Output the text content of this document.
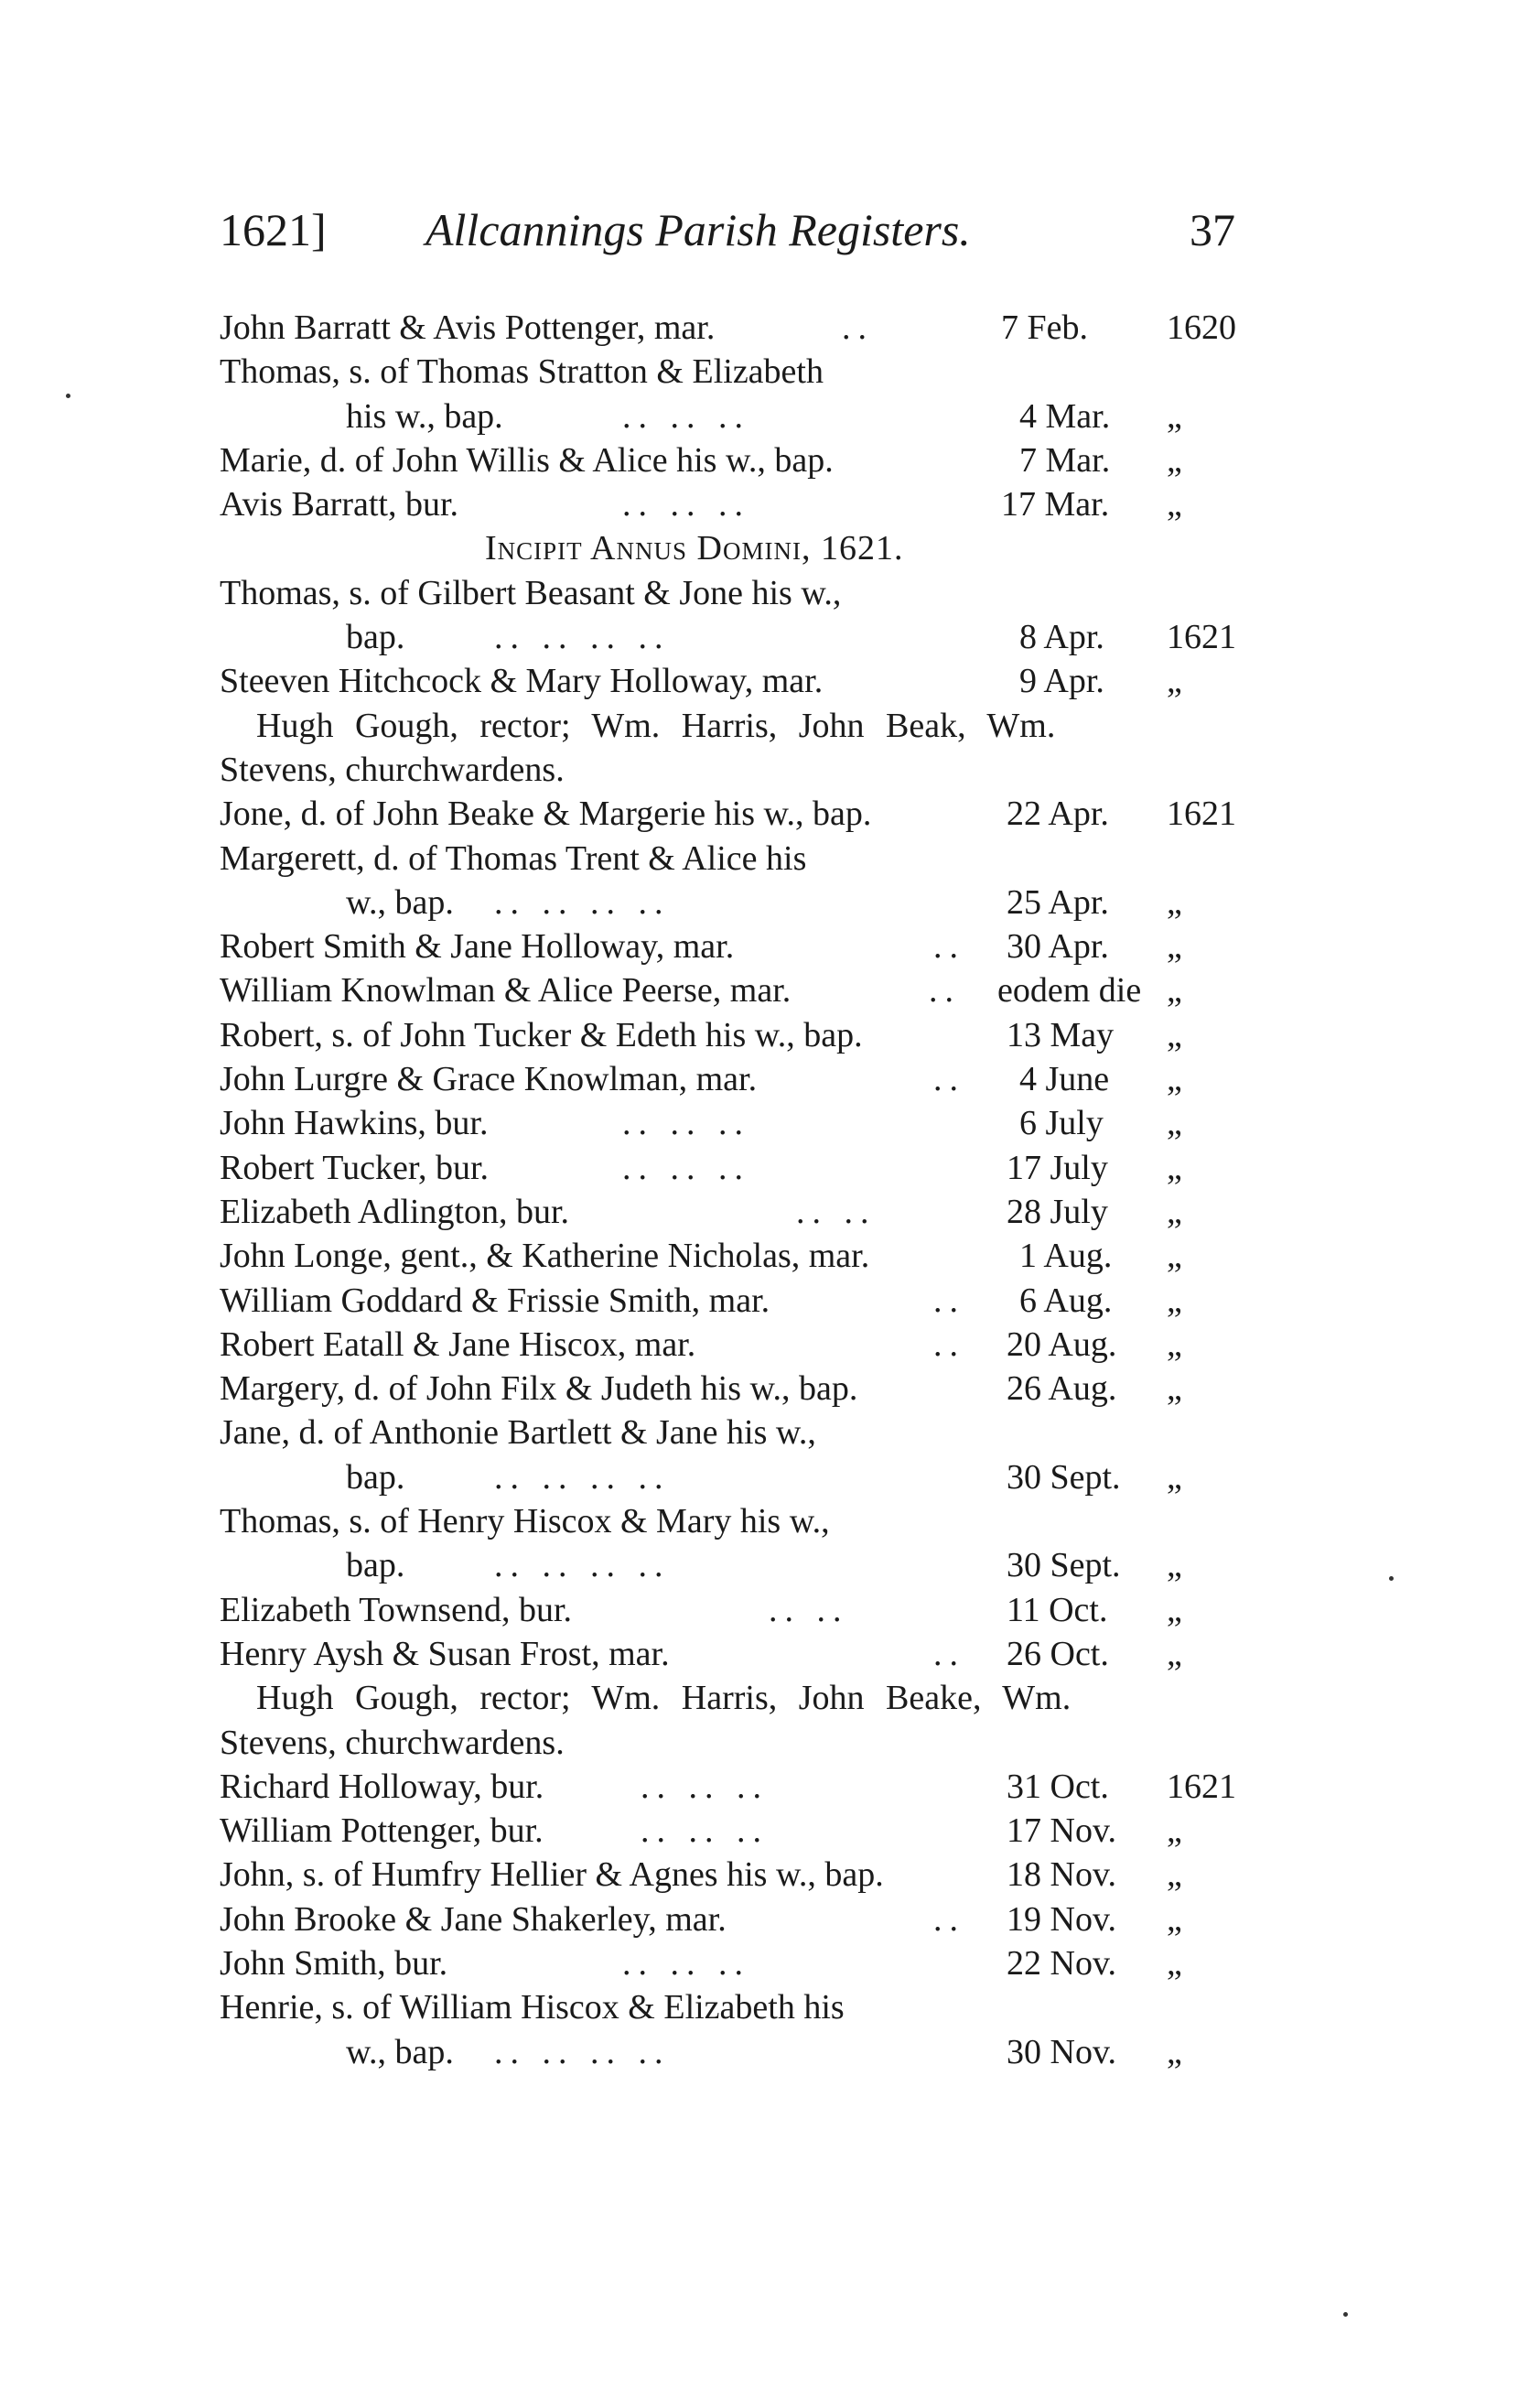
1621] Allcannings Parish Registers.	37
John Barratt & Avis Pottenger, mar.	..	7 Feb. 1620
Thomas, s. of Thomas Stratton & Elizabeth
his w., bap.	.. .. ..	4 Mar. „
Marie, d. of John Willis & Alice his w., bap.	7 Mar. „
Avis Barratt, bur.	.. .. ..	17 Mar. „
Incipit Annus Domini, 1621.
Thomas, s. of Gilbert Beasant & Jone his w.,
bap.	.. .. .. ..	8 Apr. 1621
Steeven Hitchcock & Mary Holloway, mar.	9 Apr. „
Hugh Gough, rector; Wm. Harris, John Beak, Wm.
Stevens, churchwardens.
Jone, d. of John Beake & Margerie his w., bap.	22 Apr. 1621
Margerett, d. of Thomas Trent & Alice his
w., bap. .. .. .. ..	25 Apr. „
Robert Smith & Jane Holloway, mar.	.. 30 Apr. „
William Knowlman & Alice Peerse, mar.	.. eodem die „
Robert, s. of John Tucker & Edeth his w., bap.	13 May „
John Lurgre & Grace Knowlman, mar.	.. 4 June „
John Hawkins, bur.	.. .. ..	6 July „
Robert Tucker, bur.	.. .. ..	17 July „
Elizabeth Adlington, bur.	.. ..	28 July „
John Longe, gent., & Katherine Nicholas, mar.	1 Aug. „
William Goddard & Frissie Smith, mar.	.. 6 Aug. „
Robert Eatall & Jane Hiscox, mar.	.. 20 Aug. „
Margery, d. of John Filx & Judeth his w., bap.	26 Aug. „
Jane, d. of Anthonie Bartlett & Jane his w.,
bap.	.. .. .. ..	30 Sept. „
Thomas, s. of Henry Hiscox & Mary his w.,
bap.	.. .. .. ..	30 Sept. „
Elizabeth Townsend, bur.	.. ..	11 Oct. „
Henry Aysh & Susan Frost, mar.	.. 26 Oct. „
Hugh Gough, rector; Wm. Harris, John Beake, Wm.
Stevens, churchwardens.
Richard Holloway, bur.	.. .. ..	31 Oct. 1621
William Pottenger, bur.	.. .. ..	17 Nov. „
John, s. of Humfry Hellier & Agnes his w., bap.	18 Nov. „
John Brooke & Jane Shakerley, mar.	.. 19 Nov. „
John Smith, bur.	.. .. ..	22 Nov. „
Henrie, s. of William Hiscox & Elizabeth his
w., bap. .. .. .. ..	30 Nov. „
